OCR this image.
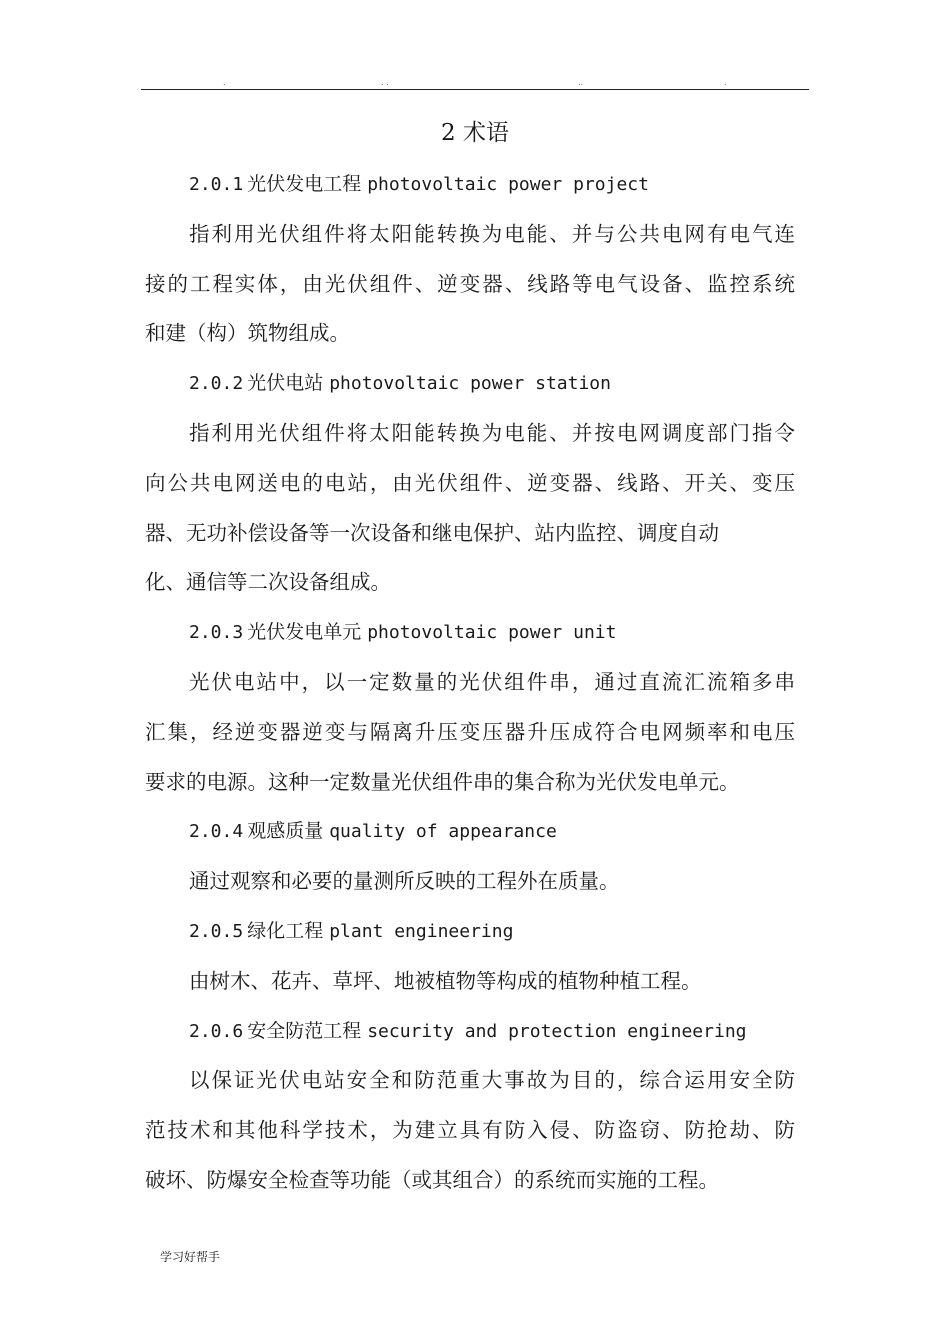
.	. .	..	.
2 术语
2.0.1 光伏发电工程 photovoltaic power project
指利用光伏组件将太阳能转换为电能、并与公共电网有电气连
接的工程实体，由光伏组件、逆变器、线路等电气设备、监控系统
和建（构）筑物组成。
2.0.2 光伏电站 photovoltaic power station
指利用光伏组件将太阳能转换为电能、并按电网调度部门指令
向公共电网送电的电站，由光伏组件、逆变器、线路、开关、变压
器、无功补偿设备等一次设备和继电保护、站内监控、调度自动
化、通信等二次设备组成。
2.0.3 光伏发电单元 photovoltaic power unit
光伏电站中，以一定数量的光伏组件串，通过直流汇流箱多串
汇集，经逆变器逆变与隔离升压变压器升压成符合电网频率和电压
要求的电源。这种一定数量光伏组件串的集合称为光伏发电单元。
2.0.4 观感质量 quality of appearance
通过观察和必要的量测所反映的工程外在质量。
2.0.5 绿化工程 plant engineering
由树木、花卉、草坪、地被植物等构成的植物种植工程。
2.0.6 安全防范工程 security and protection engineering
以保证光伏电站安全和防范重大事故为目的，综合运用安全防
范技术和其他科学技术，为建立具有防入侵、防盗窃、防抢劫、防
破坏、防爆安全检查等功能（或其组合）的系统而实施的工程。
学习好帮手
